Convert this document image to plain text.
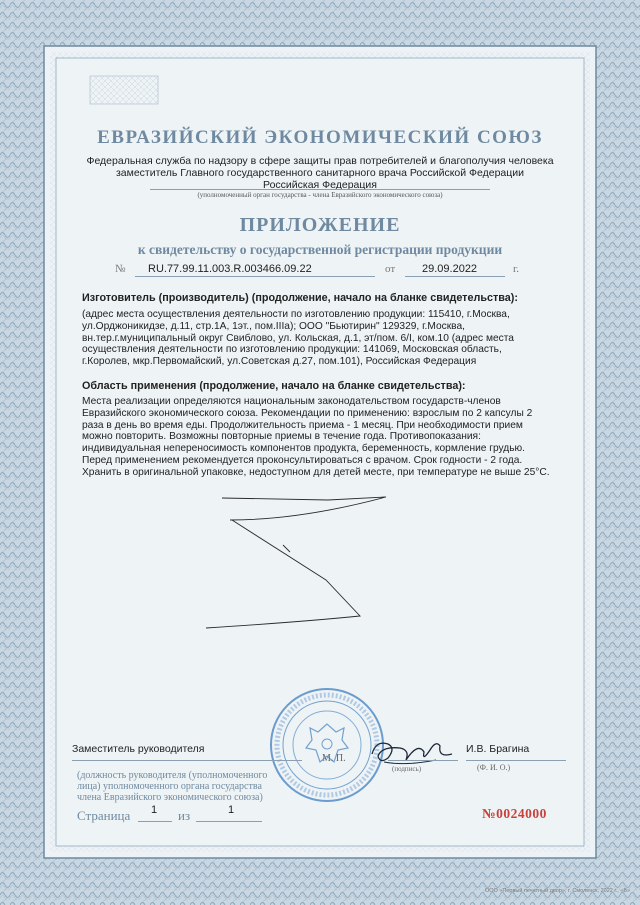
ЕВРАЗИЙСКИЙ ЭКОНОМИЧЕСКИЙ СОЮЗ
Федеральная служба по надзору в сфере защиты прав потребителей и благополучия человека
заместитель Главного государственного санитарного врача Российской Федерации
Российская Федерация
(уполномоченный орган государства - члена Евразийского экономического союза)
ПРИЛОЖЕНИЕ
к свидетельству о государственной регистрации продукции
№ RU.77.99.11.003.R.003466.09.22	от 29.09.2022	г.
Изготовитель (производитель) (продолжение, начало на бланке свидетельства):
(адрес места осуществления деятельности по изготовлению продукции: 115410, г.Москва,
ул.Орджоникидзе, д.11, стр.1А, 1эт., пом.IIIа); ООО "Бьютирин" 129329, г.Москва,
вн.тер.г.муниципальный округ Свиблово, ул. Кольская, д.1, эт/пом. 6/I, ком.10 (адрес места
осуществления деятельности по изготовлению продукции: 141069, Московская область,
г.Королев, мкр.Первомайский, ул.Советская д.27, пом.101), Российская Федерация
Область применения (продолжение, начало на бланке свидетельства):
Места реализации определяются национальным законодательством государств-членов
Евразийского экономического союза. Рекомендации по применению: взрослым по 2 капсулы 2
раза в день во время еды. Продолжительность приема - 1 месяц. При необходимости прием
можно повторить. Возможны повторные приемы в течение года. Противопоказания:
индивидуальная непереносимость компонентов продукта, беременность, кормление грудью.
Перед применением рекомендуется проконсультироваться с врачом. Срок годности - 2 года.
Хранить в оригинальной упаковке, недоступном для детей месте, при температуре не выше 25°С.
Заместитель руководителя
М. П.
(подпись)
И.В. Брагина
(Ф. И. О.)
(должность руководителя (уполномоченного
лица) уполномоченного органа государства
члена Евразийского экономического союза)
Страница 1 из	1	№0024000
ООО «Первый печатный двор», г. Смоленск, 2022 г., «Б»
